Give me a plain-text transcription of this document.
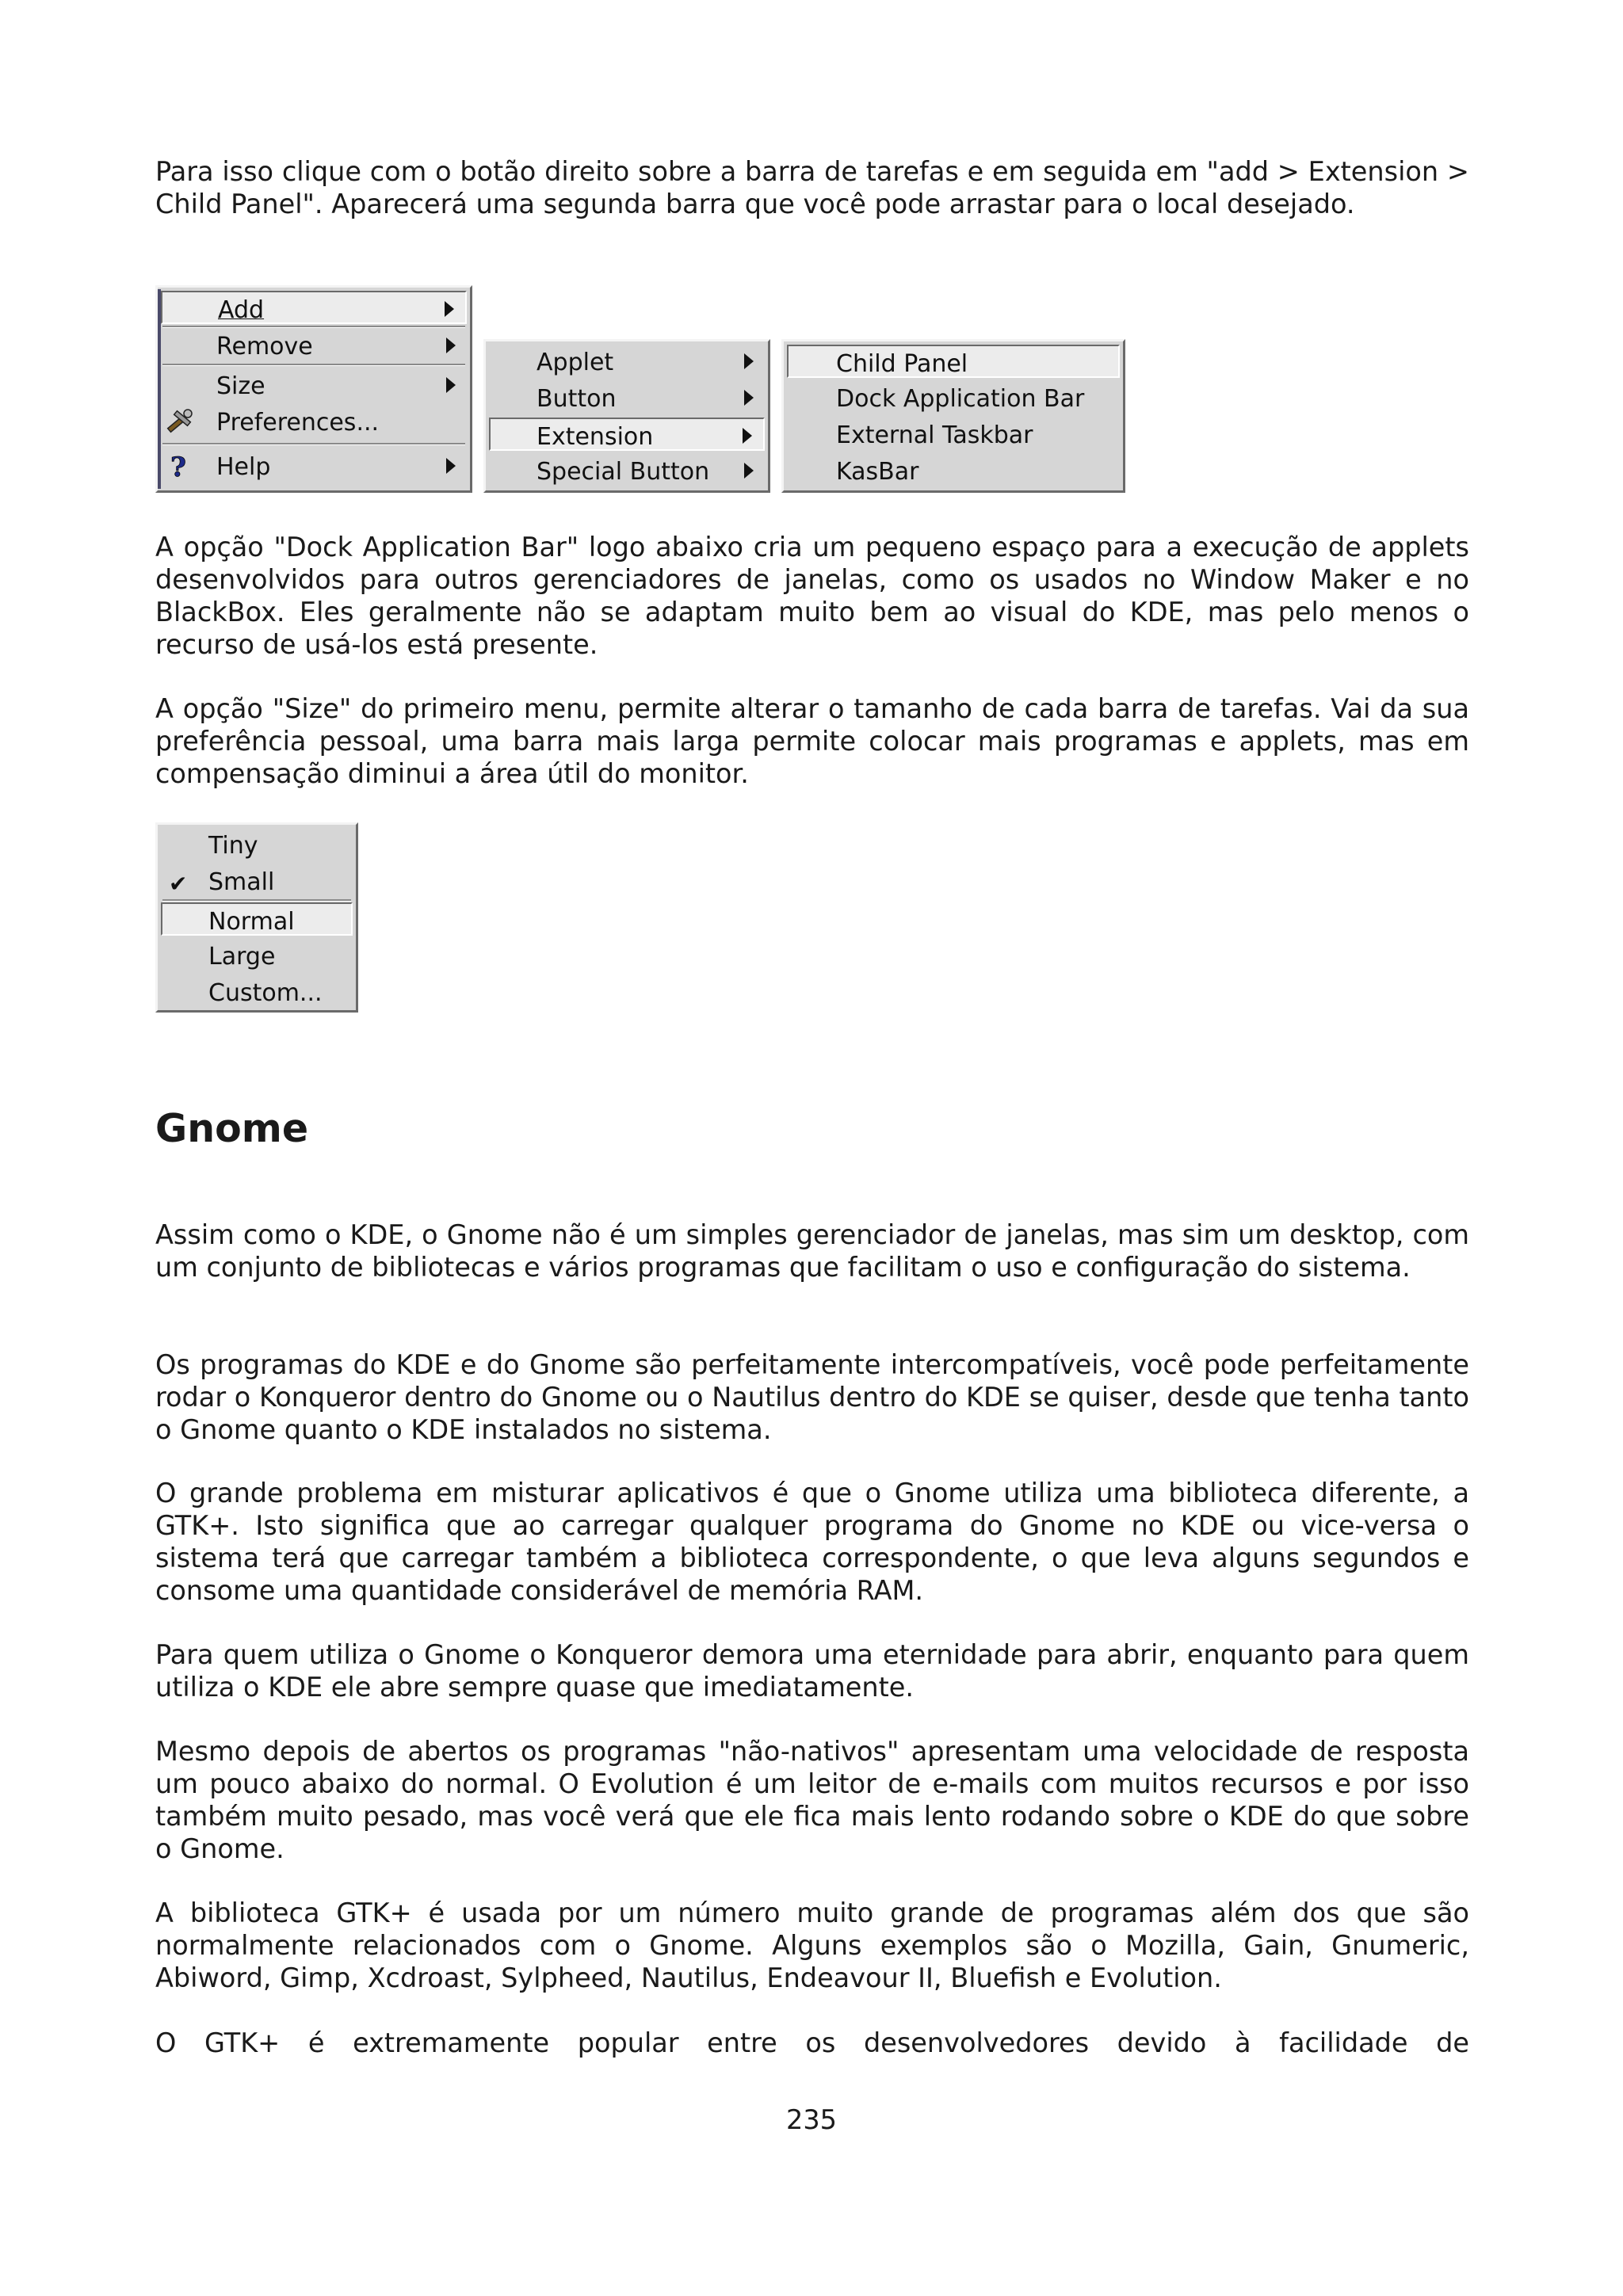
Para isso clique com o botão direito sobre a barra de tarefas e em seguida em "add > Extension > Child Panel". Aparecerá uma segunda barra que você pode arrastar para o local desejado.

Add
Remove
Size
Preferences...
? Help
Applet
Button
Extension
Special Button
Child Panel
Dock Application Bar
External Taskbar
KasBar

A opção "Dock Application Bar" logo abaixo cria um pequeno espaço para a execução de applets desenvolvidos para outros gerenciadores de janelas, como os usados no Window Maker e no BlackBox. Eles geralmente não se adaptam muito bem ao visual do KDE, mas pelo menos o recurso de usá-los está presente.

A opção "Size" do primeiro menu, permite alterar o tamanho de cada barra de tarefas. Vai da sua preferência pessoal, uma barra mais larga permite colocar mais programas e applets, mas em compensação diminui a área útil do monitor.

Tiny
✔ Small
Normal
Large
Custom...
Gnome

Assim como o KDE, o Gnome não é um simples gerenciador de janelas, mas sim um desktop, com um conjunto de bibliotecas e vários programas que facilitam o uso e configuração do sistema.

Os programas do KDE e do Gnome são perfeitamente intercompatíveis, você pode perfeitamente rodar o Konqueror dentro do Gnome ou o Nautilus dentro do KDE se quiser, desde que tenha tanto o Gnome quanto o KDE instalados no sistema.

O grande problema em misturar aplicativos é que o Gnome utiliza uma biblioteca diferente, a GTK+. Isto significa que ao carregar qualquer programa do Gnome no KDE ou vice-versa o sistema terá que carregar também a biblioteca correspondente, o que leva alguns segundos e consome uma quantidade considerável de memória RAM.

Para quem utiliza o Gnome o Konqueror demora uma eternidade para abrir, enquanto para quem utiliza o KDE ele abre sempre quase que imediatamente.

Mesmo depois de abertos os programas "não-nativos" apresentam uma velocidade de resposta um pouco abaixo do normal. O Evolution é um leitor de e-mails com muitos recursos e por isso também muito pesado, mas você verá que ele fica mais lento rodando sobre o KDE do que sobre o Gnome.

A biblioteca GTK+ é usada por um número muito grande de programas além dos que são normalmente relacionados com o Gnome. Alguns exemplos são o Mozilla, Gain, Gnumeric, Abiword, Gimp, Xcdroast, Sylpheed, Nautilus, Endeavour II, Bluefish e Evolution.

O GTK+ é extremamente popular entre os desenvolvedores devido à facilidade de

235
